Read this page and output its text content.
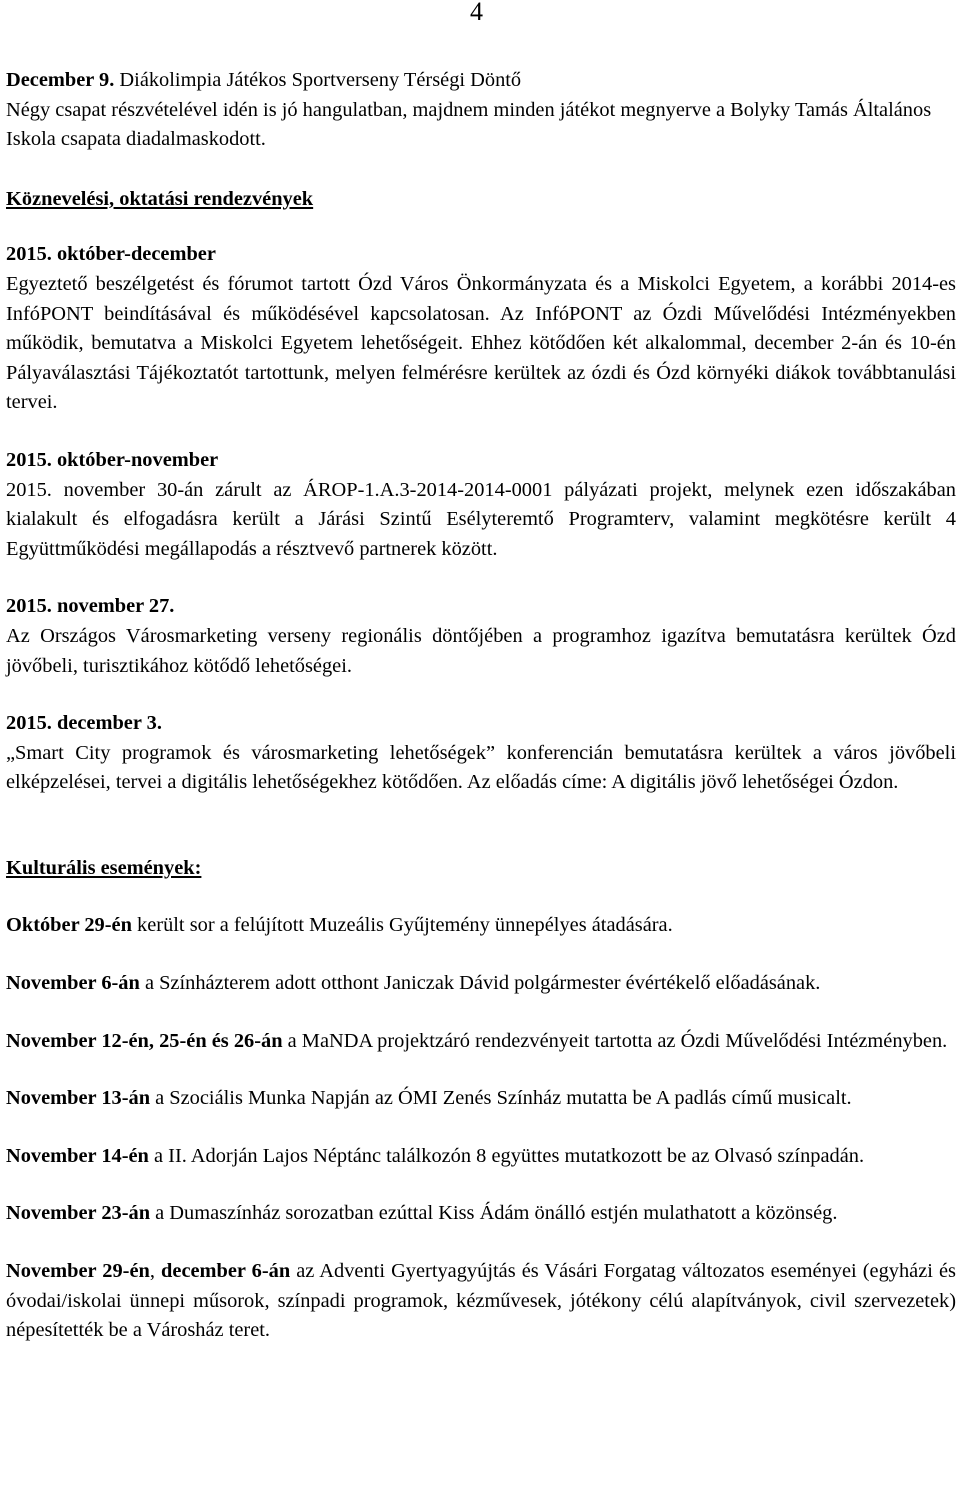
4

December 9. Diákolimpia Játékos Sportverseny Térségi Döntő
Négy csapat részvételével idén is jó hangulatban, majdnem minden játékot megnyerve a Bolyky Tamás Általános Iskola csapata diadalmaskodott.

Köznevelési, oktatási rendezvények

2015. október-december
Egyeztető beszélgetést és fórumot tartott Ózd Város Önkormányzata és a Miskolci Egyetem, a korábbi 2014-es InfóPONT beindításával és működésével kapcsolatosan. Az InfóPONT az Ózdi Művelődési Intézményekben működik, bemutatva a Miskolci Egyetem lehetőségeit. Ehhez kötődően két alkalommal, december 2-án és 10-én Pályaválasztási Tájékoztatót tartottunk, melyen felmérésre kerültek az ózdi és Ózd környéki diákok továbbtanulási tervei.

2015. október-november
2015. november 30-án zárult az ÁROP-1.A.3-2014-2014-0001 pályázati projekt, melynek ezen időszakában kialakult és elfogadásra került a Járási Szintű Esélyteremtő Programterv, valamint megkötésre került 4 Együttműködési megállapodás a résztvevő partnerek között.

2015. november 27.
Az Országos Városmarketing verseny regionális döntőjében a programhoz igazítva bemutatásra kerültek Ózd jövőbeli, turisztikához kötődő lehetőségei.

2015. december 3.
„Smart City programok és városmarketing lehetőségek” konferencián bemutatásra kerültek a város jövőbeli elképzelései, tervei a digitális lehetőségekhez kötődően. Az előadás címe: A digitális jövő lehetőségei Ózdon.

Kulturális események:

Október 29-én került sor a felújított Muzeális Gyűjtemény ünnepélyes átadására.

November 6-án a Színházterem adott otthont Janiczak Dávid polgármester évértékelő előadásának.

November 12-én, 25-én és 26-án a MaNDA projektzáró rendezvényeit tartotta az Ózdi Művelődési Intézményben.

November 13-án a Szociális Munka Napján az ÓMI Zenés Színház mutatta be A padlás című musicalt.

November 14-én a II. Adorján Lajos Néptánc találkozón 8 együttes mutatkozott be az Olvasó színpadán.

November 23-án a Dumaszínház sorozatban ezúttal Kiss Ádám önálló estjén mulathatott a közönség.

November 29-én, december 6-án az Adventi Gyertyagyújtás és Vásári Forgatag változatos eseményei (egyházi és óvodai/iskolai ünnepi műsorok, színpadi programok, kézművesek, jótékony célú alapítványok, civil szervezetek) népesítették be a Városház teret.
